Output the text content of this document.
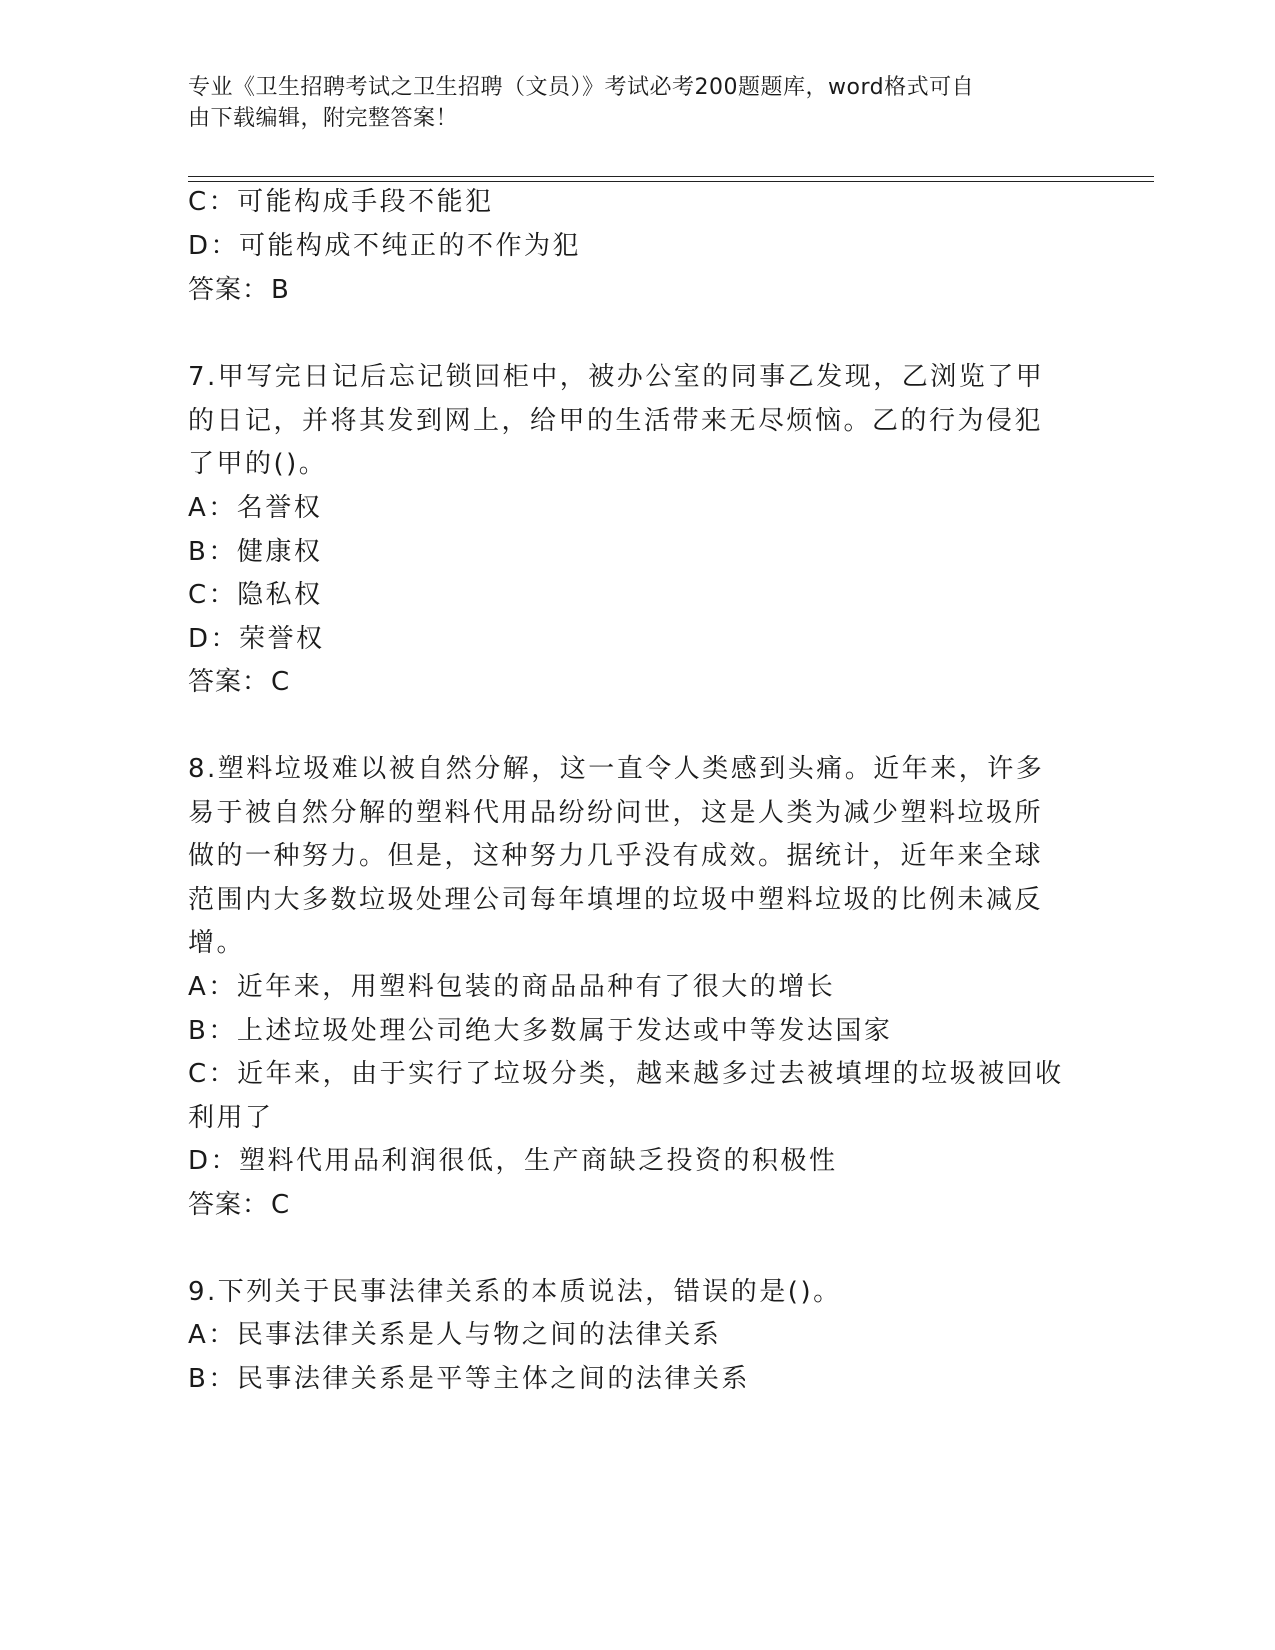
专业《卫生招聘考试之卫生招聘（文员）》考试必考200题题库，word格式可自
由下载编辑，附完整答案！
C：可能构成手段不能犯
D：可能构成不纯正的不作为犯
答案：B
7.甲写完日记后忘记锁回柜中，被办公室的同事乙发现，乙浏览了甲
的日记，并将其发到网上，给甲的生活带来无尽烦恼。乙的行为侵犯
了甲的()。
A：名誉权
B：健康权
C：隐私权
D：荣誉权
答案：C
8.塑料垃圾难以被自然分解，这一直令人类感到头痛。近年来，许多
易于被自然分解的塑料代用品纷纷问世，这是人类为减少塑料垃圾所
做的一种努力。但是，这种努力几乎没有成效。据统计，近年来全球
范围内大多数垃圾处理公司每年填埋的垃圾中塑料垃圾的比例未减反
增。
A：近年来，用塑料包装的商品品种有了很大的增长
B：上述垃圾处理公司绝大多数属于发达或中等发达国家
C：近年来，由于实行了垃圾分类，越来越多过去被填埋的垃圾被回收
利用了
D：塑料代用品利润很低，生产商缺乏投资的积极性
答案：C
9.下列关于民事法律关系的本质说法，错误的是()。
A：民事法律关系是人与物之间的法律关系
B：民事法律关系是平等主体之间的法律关系
